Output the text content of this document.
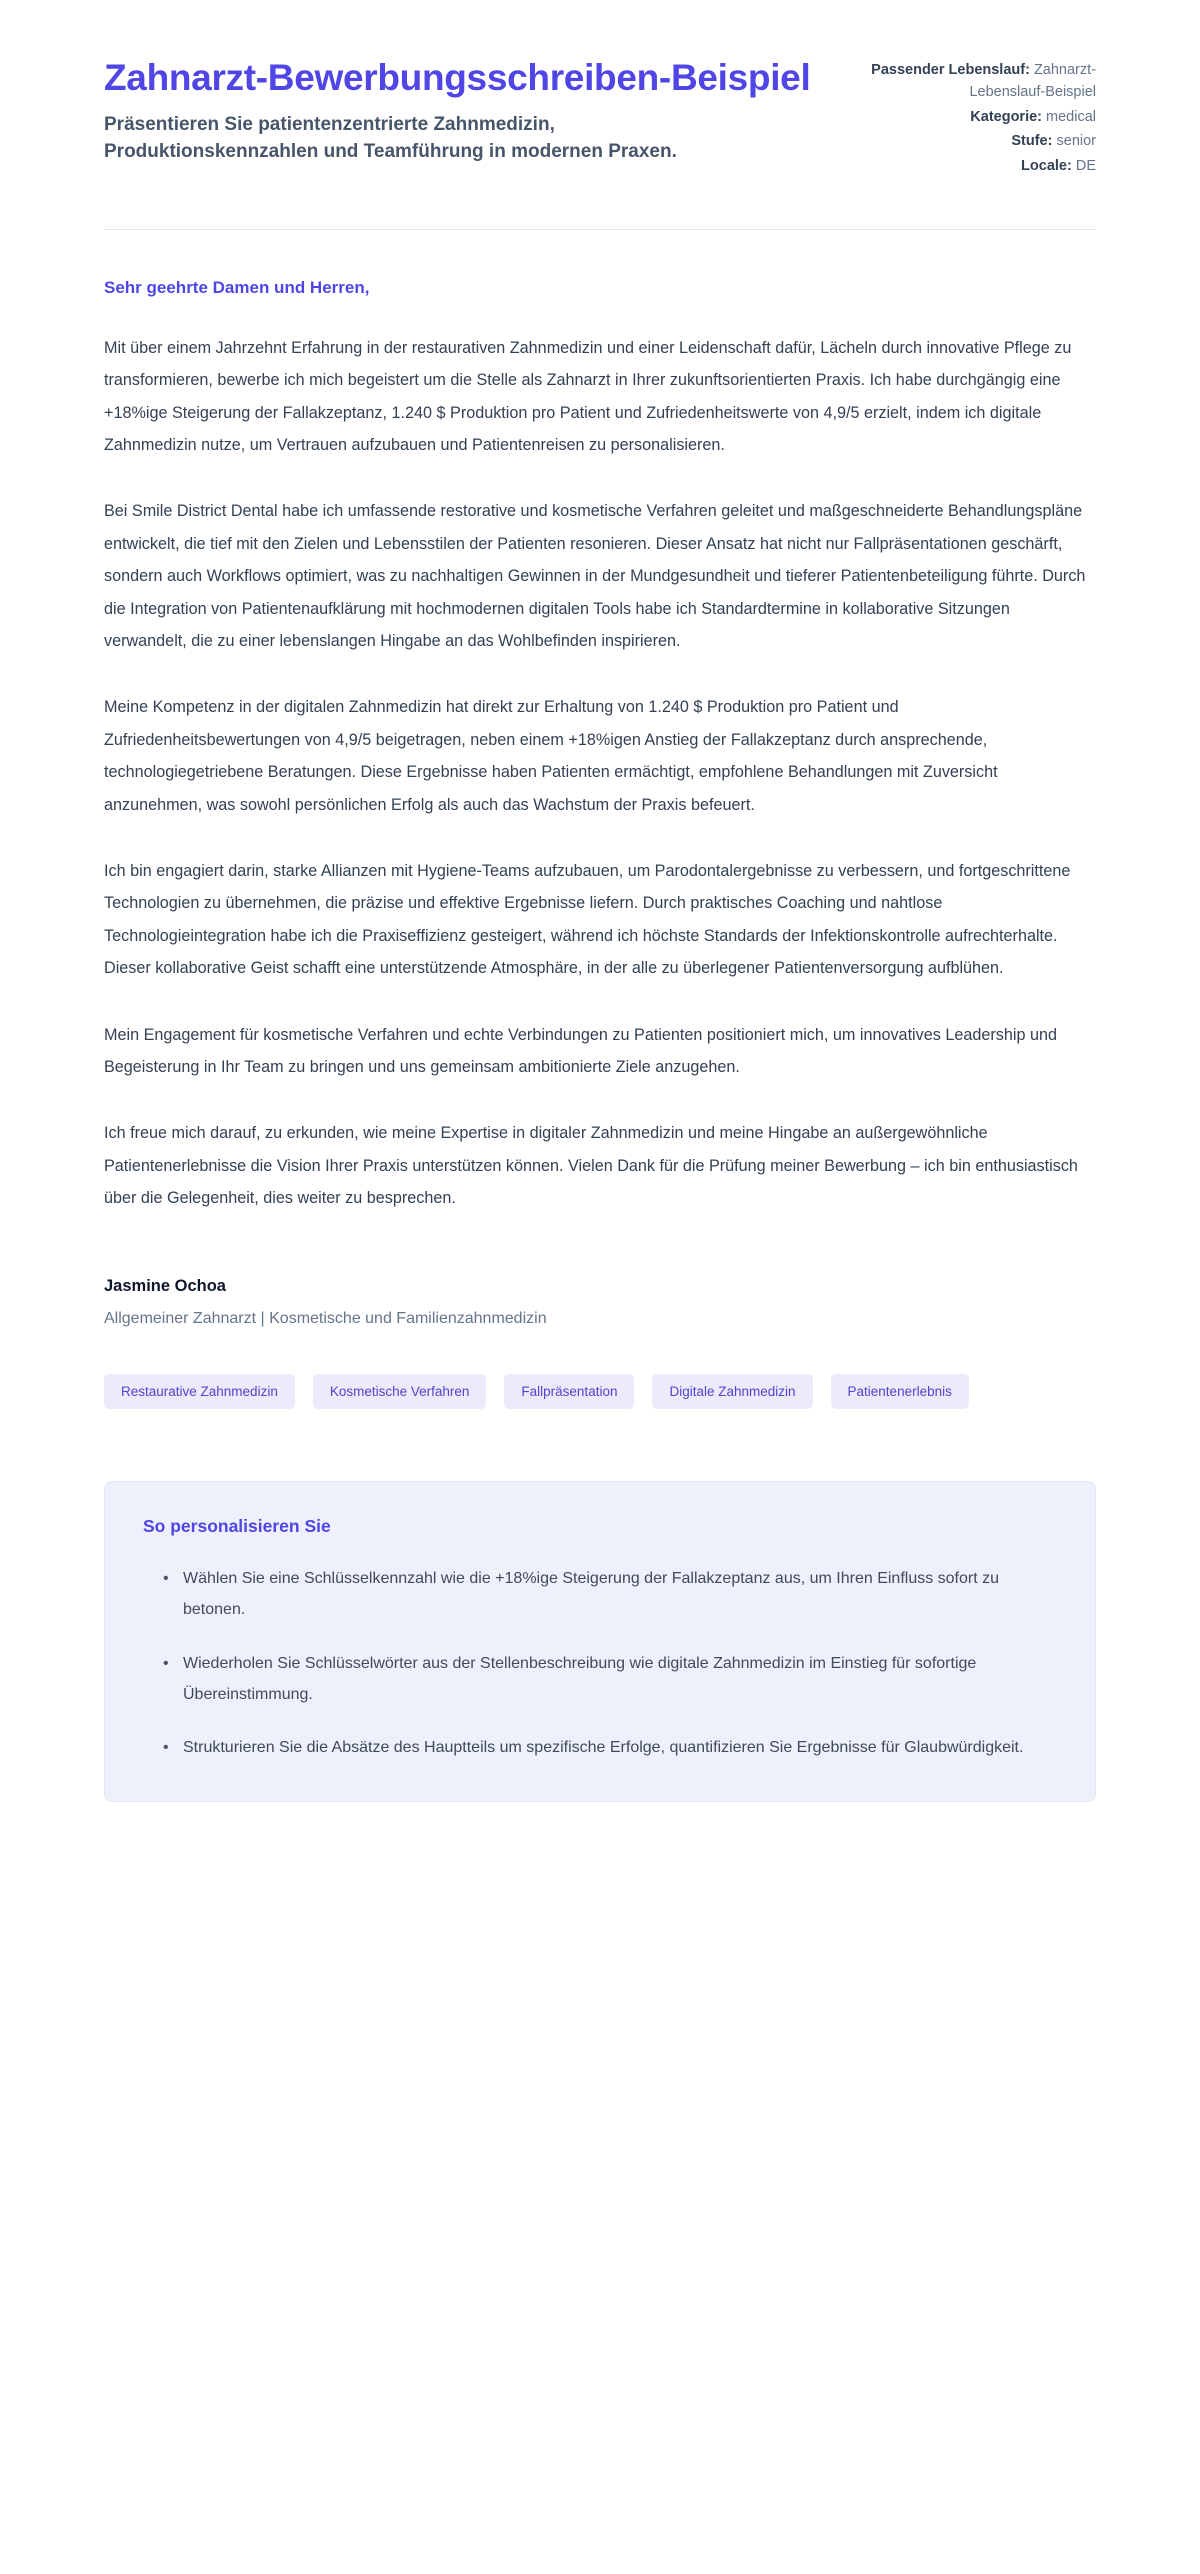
Zahnarzt-Bewerbungsschreiben-Beispiel

Präsentieren Sie patientenzentrierte Zahnmedizin, Produktionskennzahlen und Teamführung in modernen Praxen.

Passender Lebenslauf: Zahnarzt-Lebenslauf-Beispiel
Kategorie: medical
Stufe: senior
Locale: DE

Sehr geehrte Damen und Herren,

Mit über einem Jahrzehnt Erfahrung in der restaurativen Zahnmedizin und einer Leidenschaft dafür, Lächeln durch innovative Pflege zu transformieren, bewerbe ich mich begeistert um die Stelle als Zahnarzt in Ihrer zukunftsorientierten Praxis. Ich habe durchgängig eine +18%ige Steigerung der Fallakzeptanz, 1.240 $ Produktion pro Patient und Zufriedenheitswerte von 4,9/5 erzielt, indem ich digitale Zahnmedizin nutze, um Vertrauen aufzubauen und Patientenreisen zu personalisieren.

Bei Smile District Dental habe ich umfassende restorative und kosmetische Verfahren geleitet und maßgeschneiderte Behandlungspläne entwickelt, die tief mit den Zielen und Lebensstilen der Patienten resonieren. Dieser Ansatz hat nicht nur Fallpräsentationen geschärft, sondern auch Workflows optimiert, was zu nachhaltigen Gewinnen in der Mundgesundheit und tieferer Patientenbeteiligung führte. Durch die Integration von Patientenaufklärung mit hochmodernen digitalen Tools habe ich Standardtermine in kollaborative Sitzungen verwandelt, die zu einer lebenslangen Hingabe an das Wohlbefinden inspirieren.

Meine Kompetenz in der digitalen Zahnmedizin hat direkt zur Erhaltung von 1.240 $ Produktion pro Patient und Zufriedenheitsbewertungen von 4,9/5 beigetragen, neben einem +18%igen Anstieg der Fallakzeptanz durch ansprechende, technologiegetriebene Beratungen. Diese Ergebnisse haben Patienten ermächtigt, empfohlene Behandlungen mit Zuversicht anzunehmen, was sowohl persönlichen Erfolg als auch das Wachstum der Praxis befeuert.

Ich bin engagiert darin, starke Allianzen mit Hygiene-Teams aufzubauen, um Parodontalergebnisse zu verbessern, und fortgeschrittene Technologien zu übernehmen, die präzise und effektive Ergebnisse liefern. Durch praktisches Coaching und nahtlose Technologieintegration habe ich die Praxiseffizienz gesteigert, während ich höchste Standards der Infektionskontrolle aufrechterhalte. Dieser kollaborative Geist schafft eine unterstützende Atmosphäre, in der alle zu überlegener Patientenversorgung aufblühen.

Mein Engagement für kosmetische Verfahren und echte Verbindungen zu Patienten positioniert mich, um innovatives Leadership und Begeisterung in Ihr Team zu bringen und uns gemeinsam ambitionierte Ziele anzugehen.

Ich freue mich darauf, zu erkunden, wie meine Expertise in digitaler Zahnmedizin und meine Hingabe an außergewöhnliche Patientenerlebnisse die Vision Ihrer Praxis unterstützen können. Vielen Dank für die Prüfung meiner Bewerbung – ich bin enthusiastisch über die Gelegenheit, dies weiter zu besprechen.

Jasmine Ochoa
Allgemeiner Zahnarzt | Kosmetische und Familienzahnmedizin
Restaurative Zahnmedizin	Kosmetische Verfahren	Fallpräsentation	Digitale Zahnmedizin	Patientenerlebnis
So personalisieren Sie
• Wählen Sie eine Schlüsselkennzahl wie die +18%ige Steigerung der Fallakzeptanz aus, um Ihren Einfluss sofort zu betonen.
• Wiederholen Sie Schlüsselwörter aus der Stellenbeschreibung wie digitale Zahnmedizin im Einstieg für sofortige Übereinstimmung.
• Strukturieren Sie die Absätze des Hauptteils um spezifische Erfolge, quantifizieren Sie Ergebnisse für Glaubwürdigkeit.
